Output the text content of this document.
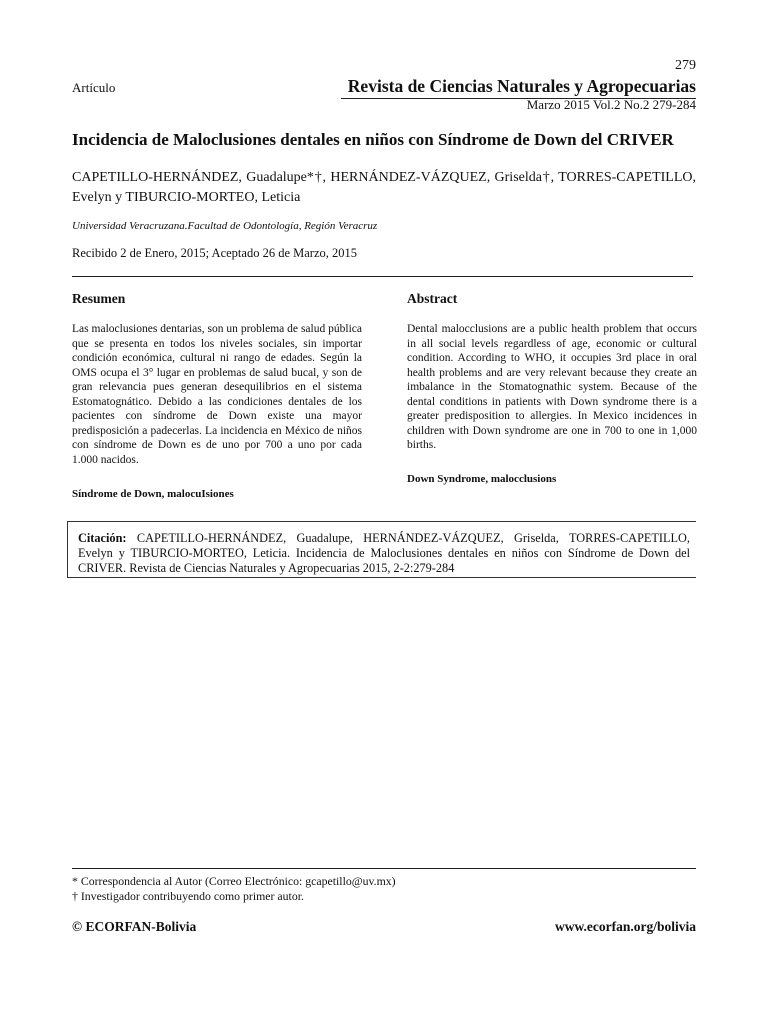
279
Artículo	Revista de Ciencias Naturales y Agropecuarias
Marzo 2015 Vol.2 No.2 279-284
Incidencia de Maloclusiones dentales en niños con Síndrome de Down del CRIVER
CAPETILLO-HERNÁNDEZ, Guadalupe*†, HERNÁNDEZ-VÁZQUEZ, Griselda†, TORRES-CAPETILLO, Evelyn y TIBURCIO-MORTEO, Leticia
Universidad Veracruzana.Facultad de Odontología, Región Veracruz
Recibido 2 de Enero, 2015; Aceptado 26 de Marzo, 2015
Resumen
Las maloclusiones dentarias, son un problema de salud pública que se presenta en todos los niveles sociales, sin importar condición económica, cultural ni rango de edades. Según la OMS ocupa el 3° lugar en problemas de salud bucal, y son de gran relevancia pues generan desequilibrios en el sistema Estomatognático. Debido a las condiciones dentales de los pacientes con síndrome de Down existe una mayor predisposición a padecerlas. La incidencia en México de niños con síndrome de Down es de uno por 700 a uno por cada 1.000 nacidos.
Síndrome de Down, malocuIsiones
Abstract
Dental malocclusions are a public health problem that occurs in all social levels regardless of age, economic or cultural condition. According to WHO, it occupies 3rd place in oral health problems and are very relevant because they create an imbalance in the Stomatognathic system. Because of the dental conditions in patients with Down syndrome there is a greater predisposition to allergies. In Mexico incidences in children with Down syndrome are one in 700 to one in 1,000 births.
Down Syndrome, malocclusions
Citación: CAPETILLO-HERNÁNDEZ, Guadalupe, HERNÁNDEZ-VÁZQUEZ, Griselda, TORRES-CAPETILLO, Evelyn y TIBURCIO-MORTEO, Leticia. Incidencia de Maloclusiones dentales en niños con Síndrome de Down del CRIVER. Revista de Ciencias Naturales y Agropecuarias 2015, 2-2:279-284
* Correspondencia al Autor (Correo Electrónico: gcapetillo@uv.mx)
† Investigador contribuyendo como primer autor.
© ECORFAN-Bolivia	www.ecorfan.org/bolivia
